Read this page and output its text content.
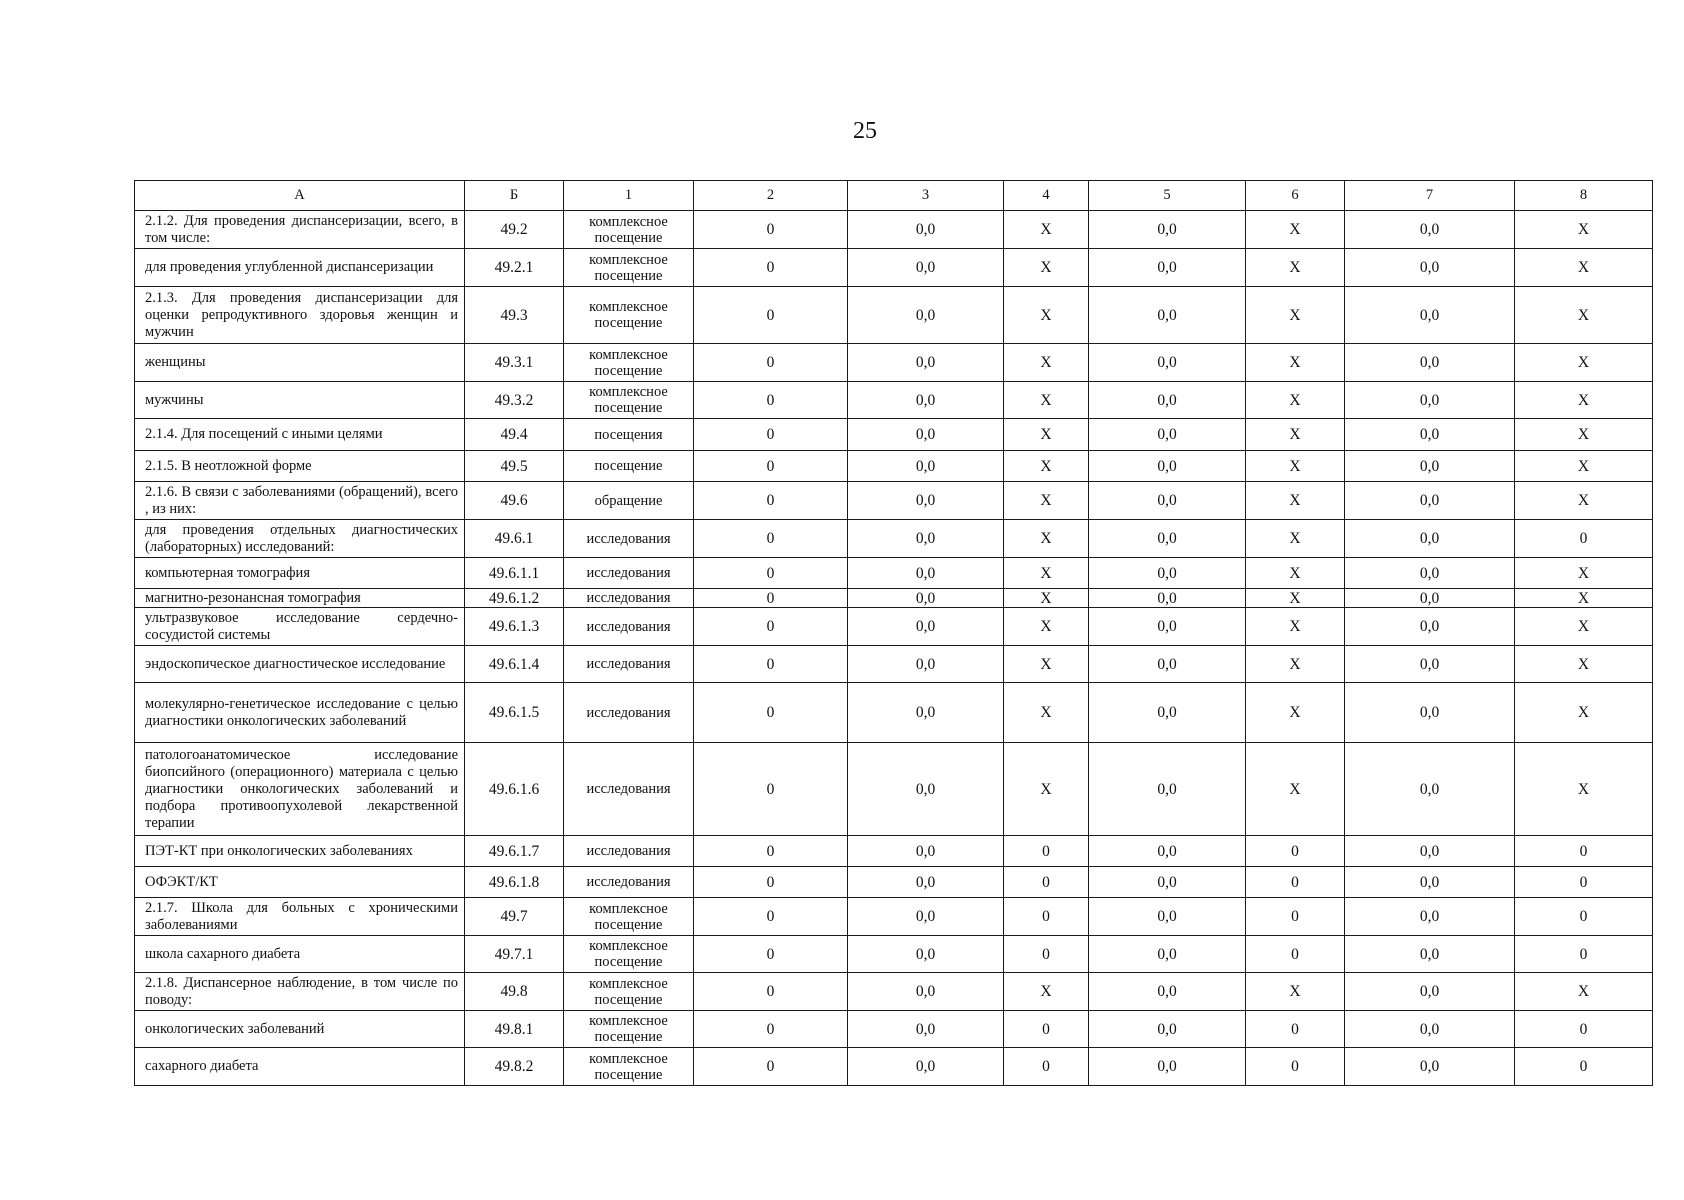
25
А	Б	1	2	3	4	5	6	7	8
2.1.2. Для проведения диспансеризации, всего, в том числе:	49.2	комплексное посещение	0	0,0	X	0,0	X	0,0	X
для проведения углубленной диспансеризации	49.2.1	комплексное посещение	0	0,0	X	0,0	X	0,0	X
2.1.3. Для проведения диспансеризации для оценки репродуктивного здоровья женщин и мужчин	49.3	комплексное посещение	0	0,0	X	0,0	X	0,0	X
женщины	49.3.1	комплексное посещение	0	0,0	X	0,0	X	0,0	X
мужчины	49.3.2	комплексное посещение	0	0,0	X	0,0	X	0,0	X
2.1.4. Для посещений с иными целями	49.4	посещения	0	0,0	X	0,0	X	0,0	X
2.1.5. В неотложной форме	49.5	посещение	0	0,0	X	0,0	X	0,0	X
2.1.6. В связи с заболеваниями (обращений), всего , из них:	49.6	обращение	0	0,0	X	0,0	X	0,0	X
для проведения отдельных диагностических (лабораторных) исследований:	49.6.1	исследования	0	0,0	X	0,0	X	0,0	0
компьютерная томография	49.6.1.1	исследования	0	0,0	X	0,0	X	0,0	X
магнитно-резонансная томография	49.6.1.2	исследования	0	0,0	X	0,0	X	0,0	X
ультразвуковое исследование сердечно-сосудистой системы	49.6.1.3	исследования	0	0,0	X	0,0	X	0,0	X
эндоскопическое диагностическое исследование	49.6.1.4	исследования	0	0,0	X	0,0	X	0,0	X
молекулярно-генетическое исследование с целью диагностики онкологических заболеваний	49.6.1.5	исследования	0	0,0	X	0,0	X	0,0	X
патологоанатомическое исследование биопсийного (операционного) материала с целью диагностики онкологических заболеваний и подбора противоопухолевой лекарственной терапии	49.6.1.6	исследования	0	0,0	X	0,0	X	0,0	X
ПЭТ-КТ при онкологических заболеваниях	49.6.1.7	исследования	0	0,0	0	0,0	0	0,0	0
ОФЭКТ/КТ	49.6.1.8	исследования	0	0,0	0	0,0	0	0,0	0
2.1.7. Школа для больных с хроническими заболеваниями	49.7	комплексное посещение	0	0,0	0	0,0	0	0,0	0
школа сахарного диабета	49.7.1	комплексное посещение	0	0,0	0	0,0	0	0,0	0
2.1.8. Диспансерное наблюдение, в том числе по поводу:	49.8	комплексное посещение	0	0,0	X	0,0	X	0,0	X
онкологических заболеваний	49.8.1	комплексное посещение	0	0,0	0	0,0	0	0,0	0
сахарного диабета	49.8.2	комплексное посещение	0	0,0	0	0,0	0	0,0	0
